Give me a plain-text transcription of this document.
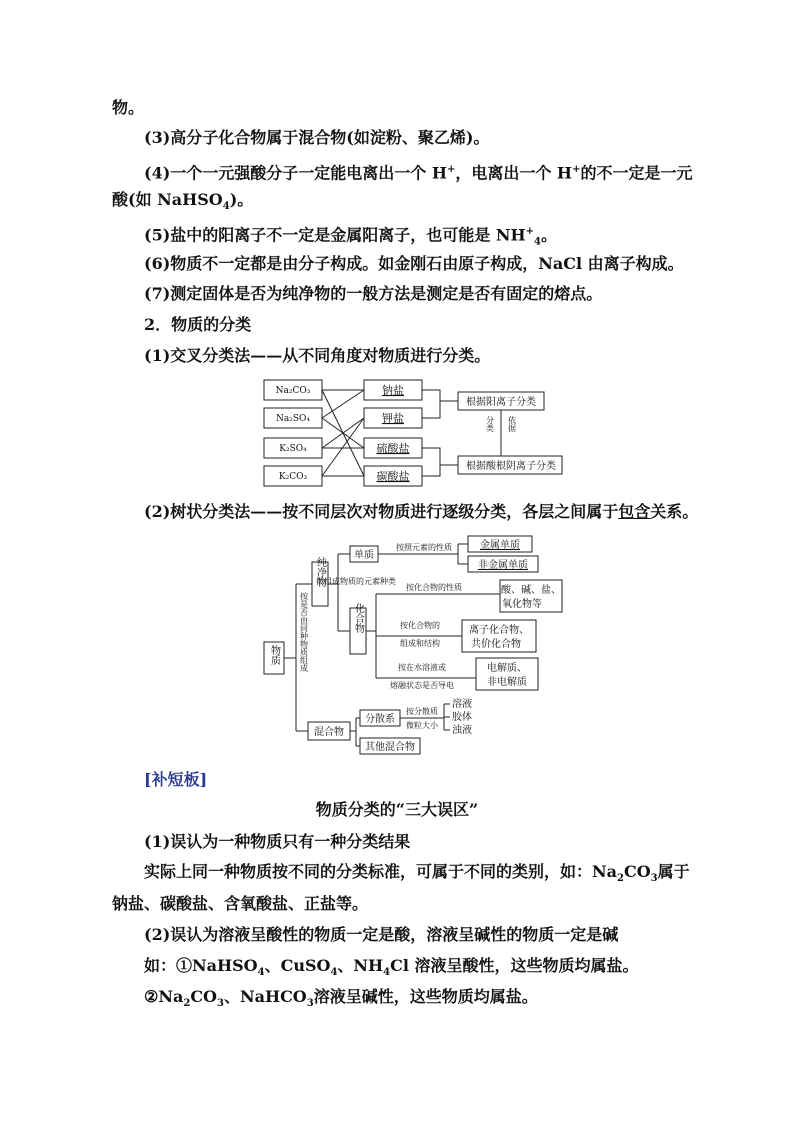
物。
(3)高分子化合物属于混合物(如淀粉、聚乙烯)。
(4)一个一元强酸分子一定能电离出一个 H+，电离出一个 H+的不一定是一元
酸(如 NaHSO$_4$)。
(5)盐中的阳离子不一定是金属阳离子，也可能是 $NH^+_4$。
(6)物质不一定都是由分子构成。如金刚石由原子构成，NaCl 由离子构成。
(7)测定固体是否为纯净物的一般方法是测定是否有固定的熔点。
2．物质的分类
(1)交叉分类法——从不同角度对物质进行分类。
Na₂CO₃
Na₂SO₄
K₂SO₄
K₂CO₃
钠盐
钾盐
硫酸盐
碳酸盐
根据阳离子分类
根据酸根阴离子分类
分类 依据
(2)树状分类法——按不同层次对物质进行逐级分类，各层之间属于包含关系。
物质
纯净物
混合物
单质
化合物
分散系
其他混合物
金属单质
非金属单质
酸、碱、盐、
氧化物等
离子化合物、
共价化合物
电解质、
非电解质
按是否由同种物质组成
按组成物质的元素种类
按照元素的性质
按化合物的性质
按化合物的
组成和结构
按在水溶液或
熔融状态是否导电
按分散质
微粒大小
溶液
胶体
浊液
[补短板]
物质分类的“三大误区”
(1)误认为一种物质只有一种分类结果
实际上同一种物质按不同的分类标准，可属于不同的类别，如：$Na_2CO_3$属于
钠盐、碳酸盐、含氧酸盐、正盐等。
(2)误认为溶液呈酸性的物质一定是酸，溶液呈碱性的物质一定是碱
如：①NaHSO$_4$、CuSO$_4$、$NH_4Cl$ 溶液呈酸性，这些物质均属盐。
$②Na_2CO_3$、NaHCO$_3$溶液呈碱性，这些物质均属盐。
